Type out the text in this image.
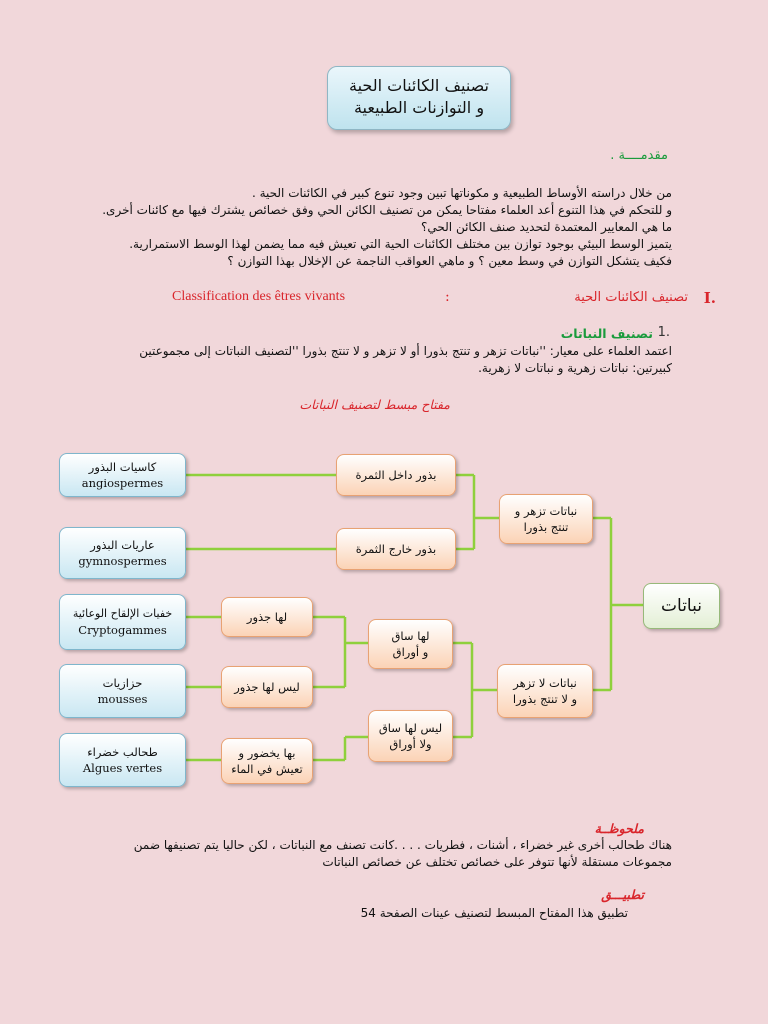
تصنيف الكائنات الحية
و التوازنات الطبيعية
مقدمــــة .
من خلال دراسته الأوساط الطبيعية و مكوناتها تبين وجود تنوع كبير في الكائنات الحية .
و للتحكم في هذا التنوع أعد العلماء مفتاحا يمكن من تصنيف الكائن الحي وفق خصائص يشترك فيها مع كائنات أخرى.
ما هي المعايير المعتمدة لتحديد صنف الكائن الحي؟
يتميز الوسط البيئي بوجود توازن بين مختلف الكائنات الحية التي تعيش فيه مما يضمن لهذا الوسط الاستمرارية.
فكيف يتشكل التوازن في وسط معين ؟ و ماهي العواقب الناجمة عن الإخلال بهذا التوازن ؟
I.
تصنيف الكائنات الحية
:
Classification des êtres vivants
1.
تصنيف النباتات
اعتمد العلماء على معيار: ''نباتات تزهر و تنتج بذورا أو لا تزهر و لا تنتج بذورا ''لتصنيف النباتات إلى مجموعتين
كبيرتين: نباتات زهرية و نباتات لا زهرية.
مفتاح مبسط لتصنيف النباتات
نباتات
نباتات تزهر و
تنتج بذورا
نباتات لا تزهر
و لا تنتج بذورا
بذور داخل الثمرة
بذور خارج الثمرة
لها ساق
و أوراق
ليس لها ساق
ولا أوراق
لها جذور
ليس لها جذور
بها يخضور و
تعيش في الماء
كاسيات البذور
angiospermes
عاريات البذور
gymnospermes
خفيات الإلقاح الوعائية
Cryptogammes
حزازيات
mousses
طحالب خضراء
Algues vertes
ملحوظــة
هناك طحالب أخرى غير خضراء ، أشنات ، فطريات . . . .كانت تصنف مع النباتات ، لكن حاليا يتم تصنيفها ضمن
مجموعات مستقلة لأنها تتوفر على خصائص تختلف عن خصائص النباتات
تطبيـــق
تطبيق هذا المفتاح المبسط لتصنيف عينات الصفحة 54
